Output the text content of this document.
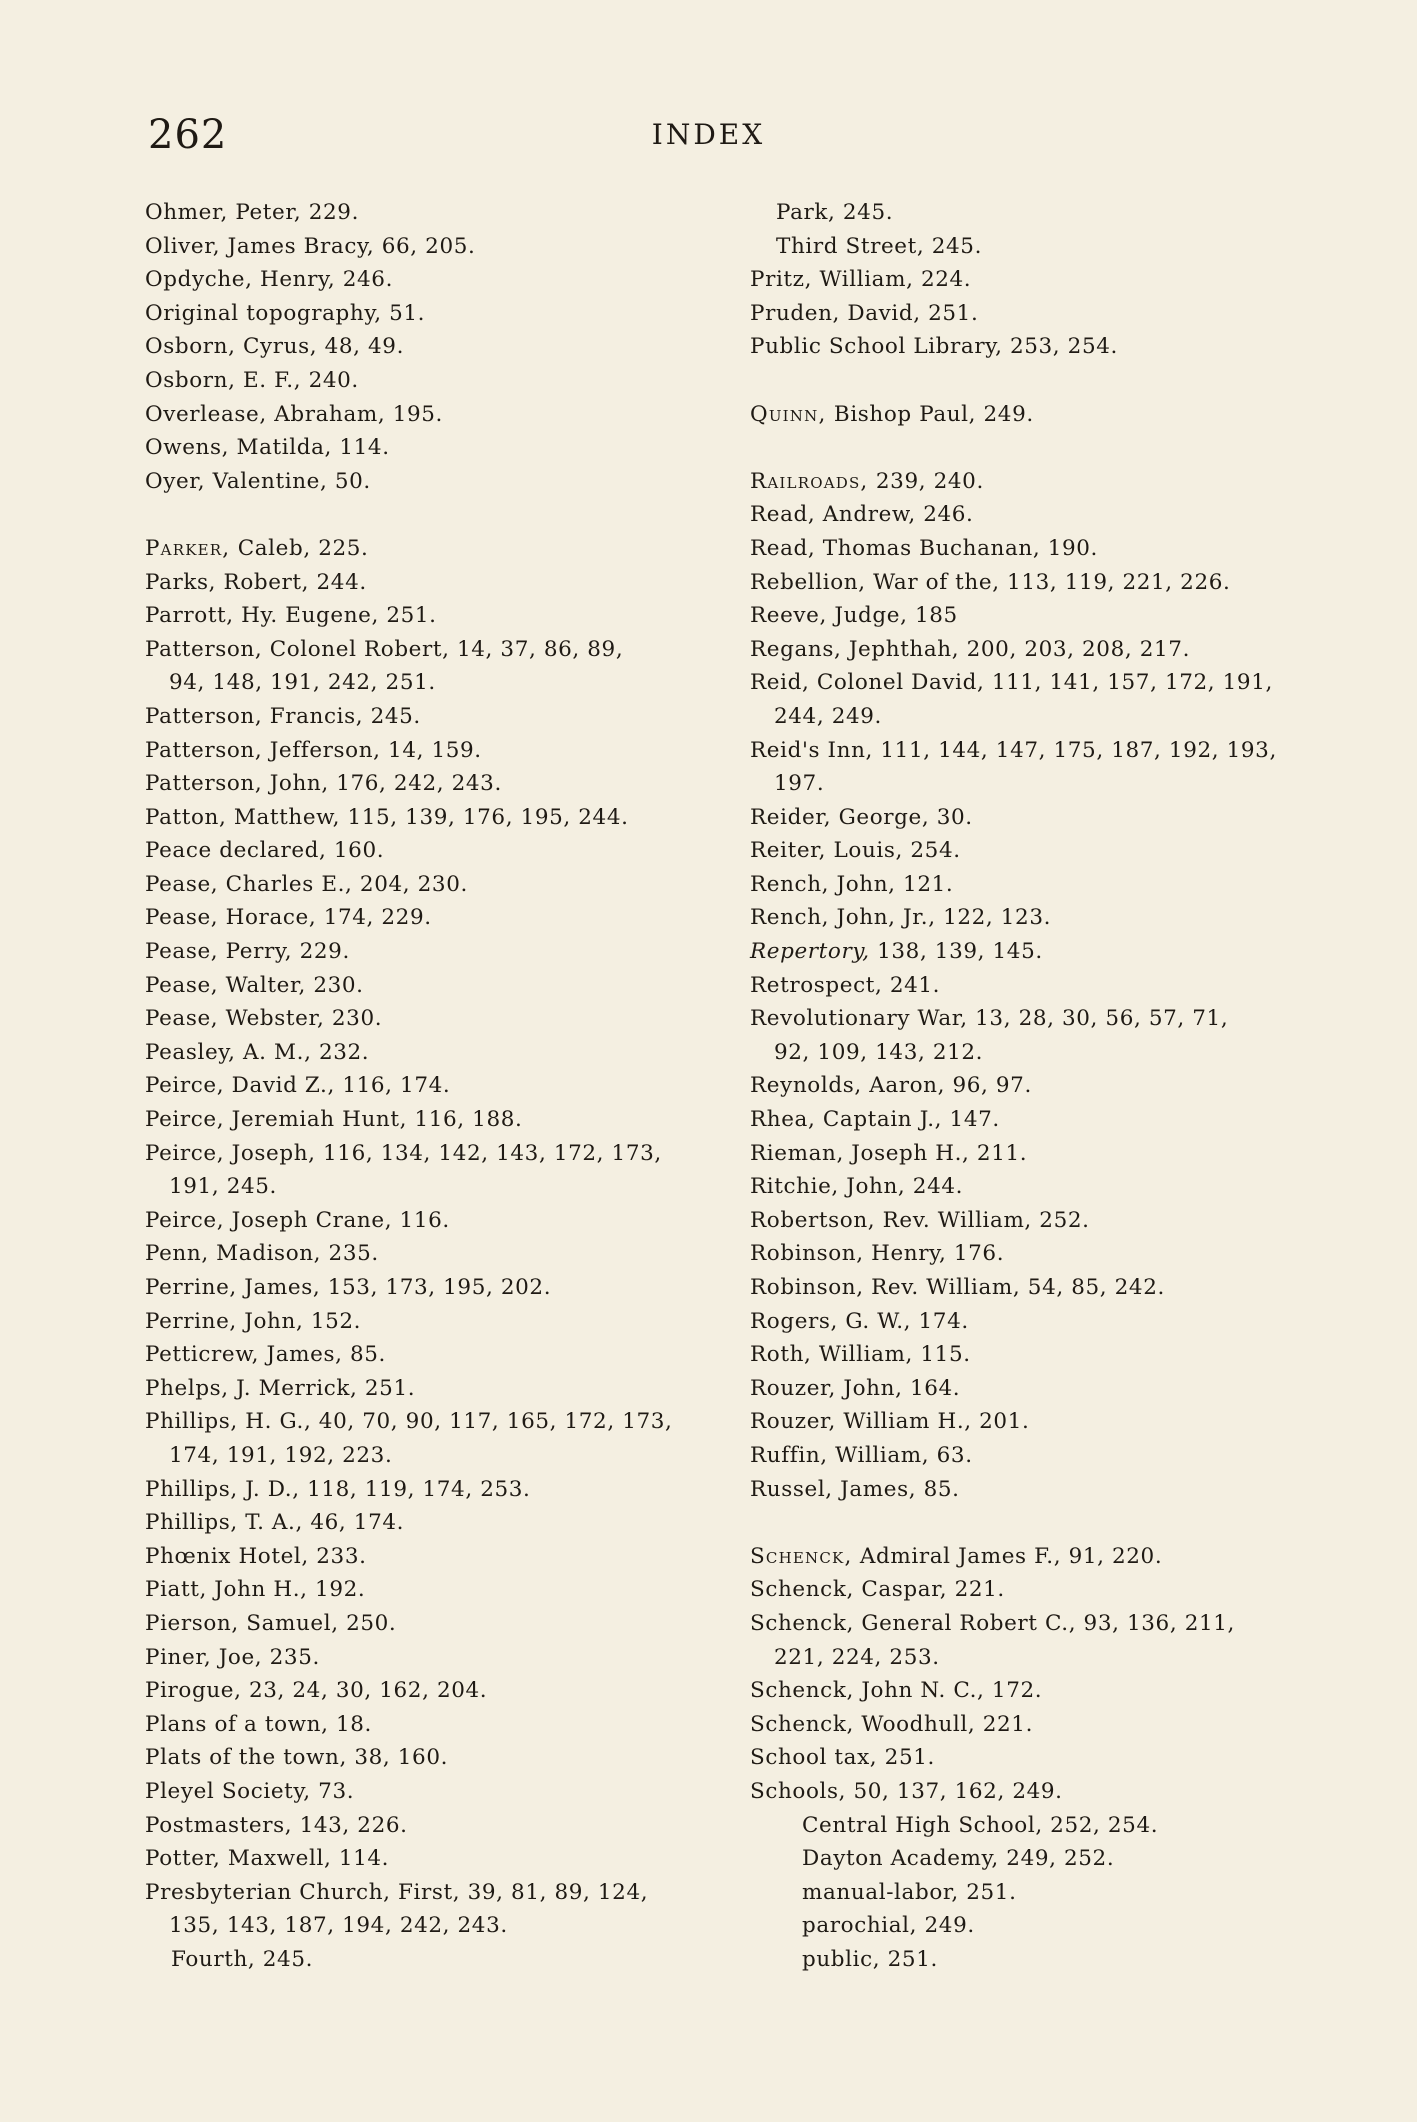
262	INDEX
Ohmer, Peter, 229.
Oliver, James Bracy, 66, 205.
Opdyche, Henry, 246.
Original topography, 51.
Osborn, Cyrus, 48, 49.
Osborn, E. F., 240.
Overlease, Abraham, 195.
Owens, Matilda, 114.
Oyer, Valentine, 50.
Parker, Caleb, 225.
Parks, Robert, 244.
Parrott, Hy. Eugene, 251.
Patterson, Colonel Robert, 14, 37, 86, 89,
94, 148, 191, 242, 251.
Patterson, Francis, 245.
Patterson, Jefferson, 14, 159.
Patterson, John, 176, 242, 243.
Patton, Matthew, 115, 139, 176, 195, 244.
Peace declared, 160.
Pease, Charles E., 204, 230.
Pease, Horace, 174, 229.
Pease, Perry, 229.
Pease, Walter, 230.
Pease, Webster, 230.
Peasley, A. M., 232.
Peirce, David Z., 116, 174.
Peirce, Jeremiah Hunt, 116, 188.
Peirce, Joseph, 116, 134, 142, 143, 172, 173,
191, 245.
Peirce, Joseph Crane, 116.
Penn, Madison, 235.
Perrine, James, 153, 173, 195, 202.
Perrine, John, 152.
Petticrew, James, 85.
Phelps, J. Merrick, 251.
Phillips, H. G., 40, 70, 90, 117, 165, 172, 173,
174, 191, 192, 223.
Phillips, J. D., 118, 119, 174, 253.
Phillips, T. A., 46, 174.
Phœnix Hotel, 233.
Piatt, John H., 192.
Pierson, Samuel, 250.
Piner, Joe, 235.
Pirogue, 23, 24, 30, 162, 204.
Plans of a town, 18.
Plats of the town, 38, 160.
Pleyel Society, 73.
Postmasters, 143, 226.
Potter, Maxwell, 114.
Presbyterian Church, First, 39, 81, 89, 124,
135, 143, 187, 194, 242, 243.
Fourth, 245.
Park, 245.
Third Street, 245.
Pritz, William, 224.
Pruden, David, 251.
Public School Library, 253, 254.
Quinn, Bishop Paul, 249.
Railroads, 239, 240.
Read, Andrew, 246.
Read, Thomas Buchanan, 190.
Rebellion, War of the, 113, 119, 221, 226.
Reeve, Judge, 185
Regans, Jephthah, 200, 203, 208, 217.
Reid, Colonel David, 111, 141, 157, 172, 191,
244, 249.
Reid's Inn, 111, 144, 147, 175, 187, 192, 193,
197.
Reider, George, 30.
Reiter, Louis, 254.
Rench, John, 121.
Rench, John, Jr., 122, 123.
Repertory, 138, 139, 145.
Retrospect, 241.
Revolutionary War, 13, 28, 30, 56, 57, 71,
92, 109, 143, 212.
Reynolds, Aaron, 96, 97.
Rhea, Captain J., 147.
Rieman, Joseph H., 211.
Ritchie, John, 244.
Robertson, Rev. William, 252.
Robinson, Henry, 176.
Robinson, Rev. William, 54, 85, 242.
Rogers, G. W., 174.
Roth, William, 115.
Rouzer, John, 164.
Rouzer, William H., 201.
Ruffin, William, 63.
Russel, James, 85.
Schenck, Admiral James F., 91, 220.
Schenck, Caspar, 221.
Schenck, General Robert C., 93, 136, 211,
221, 224, 253.
Schenck, John N. C., 172.
Schenck, Woodhull, 221.
School tax, 251.
Schools, 50, 137, 162, 249.
Central High School, 252, 254.
Dayton Academy, 249, 252.
manual-labor, 251.
parochial, 249.
public, 251.
